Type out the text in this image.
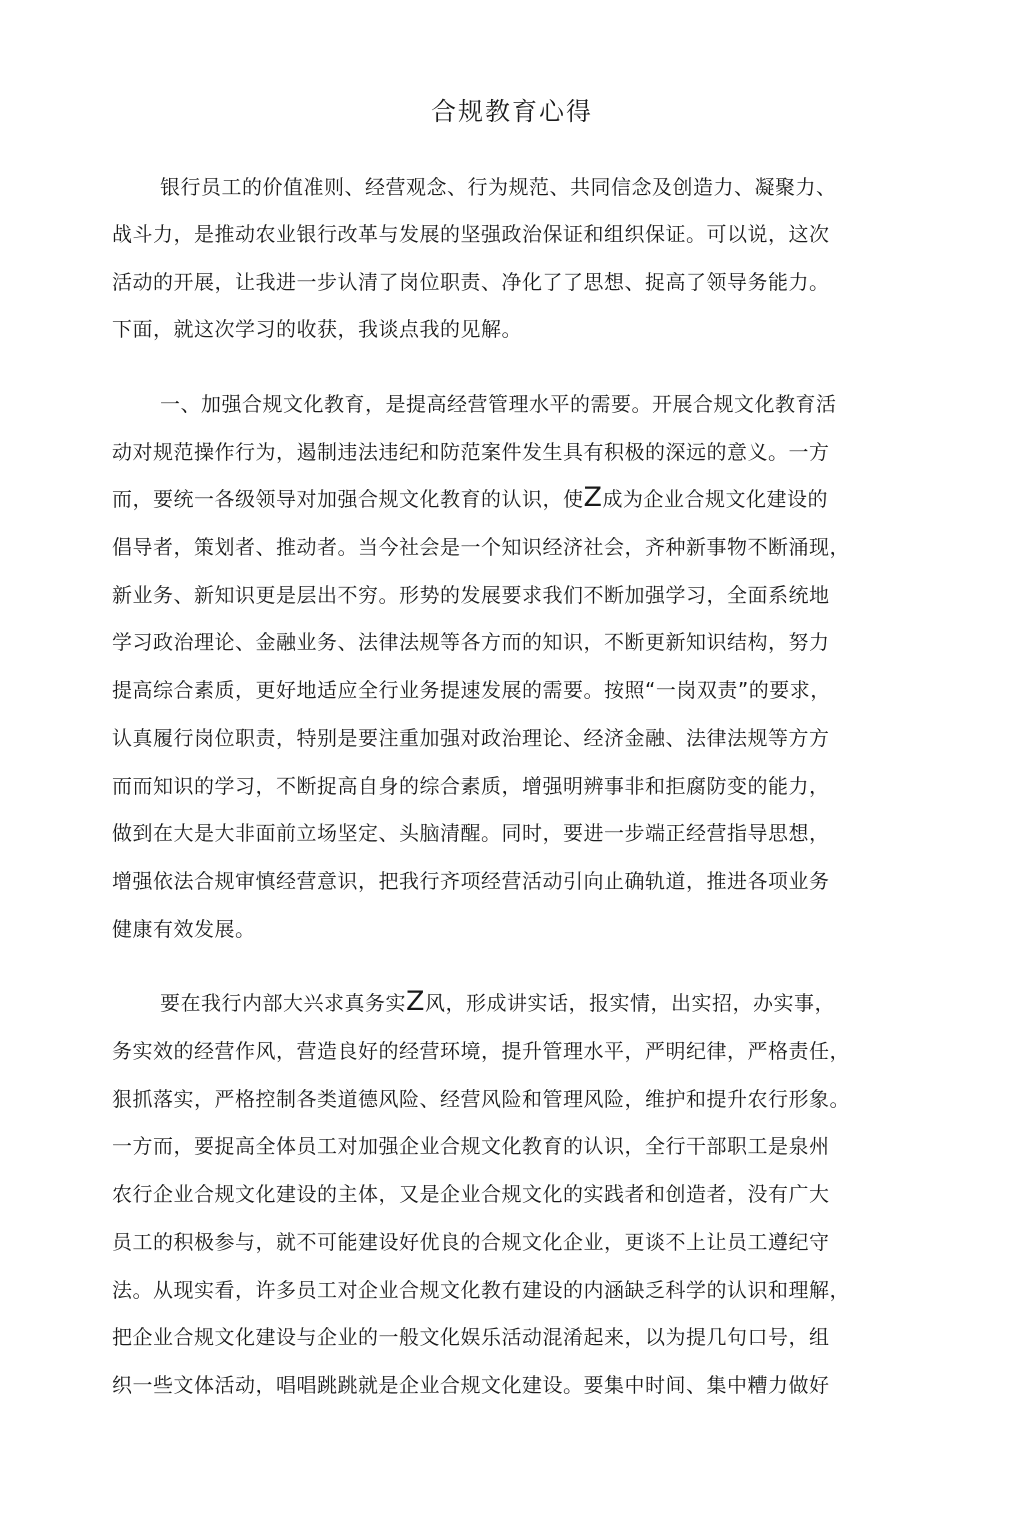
合规教育心得
银行员工的价值准则、经营观念、行为规范、共同信念及创造力、凝聚力、
战斗力，是推动农业银行改革与发展的坚强政治保证和组织保证。可以说，这次
活动的开展，让我进一步认清了岗位职责、净化了了思想、捉高了领导务能力。
下面，就这次学习的收获，我谈点我的见解。
一、加强合规文化教育，是提高经营管理水平的需要。开展合规文化教育活
动对规范操作行为，遏制违法违纪和防范案件发生具有积极的深远的意义。一方
而，要统一各级领导对加强合规文化教育的认识，使Z成为企业合规文化建设的
倡导者，策划者、推动者。当今社会是一个知识经济社会，齐种新事物不断涌现，
新业务、新知识更是层出不穷。形势的发展要求我们不断加强学习，全面系统地
学习政治理论、金融业务、法律法规等各方而的知识，不断更新知识结构，努力
提高综合素质，更好地适应全行业务提速发展的需要。按照“一岗双责”的要求，
认真履行岗位职责，特别是要注重加强对政治理论、经济金融、法律法规等方方
而而知识的学习，不断捉高自身的综合素质，增强明辨事非和拒腐防变的能力，
做到在大是大非面前立场坚定、头脑清醒。同时，要进一步端正经营指导思想，
增强依法合规审慎经营意识，把我行齐项经营活动引向止确轨道，推进各项业务
健康有效发展。
要在我行内部大兴求真务实Z风，形成讲实话，报实情，出实招，办实事，
务实效的经营作风，营造良好的经营环境，提升管理水平，严明纪律，严格责任，
狠抓落实，严格控制各类道德风险、经营风险和管理风险，维护和提升农行形象。
一方而，要捉高全体员工对加强企业合规文化教育的认识，全行干部职工是泉州
农行企业合规文化建设的主体，又是企业合规文化的实践者和创造者，没有广大
员工的积极参与，就不可能建设好优良的合规文化企业，更谈不上让员工遵纪守
法。从现实看，许多员工对企业合规文化教冇建设的内涵缺乏科学的认识和理解，
把企业合规文化建设与企业的一般文化娱乐活动混淆起来，以为提几句口号，组
织一些文体活动，唱唱跳跳就是企业合规文化建设。要集中时间、集中糟力做好
